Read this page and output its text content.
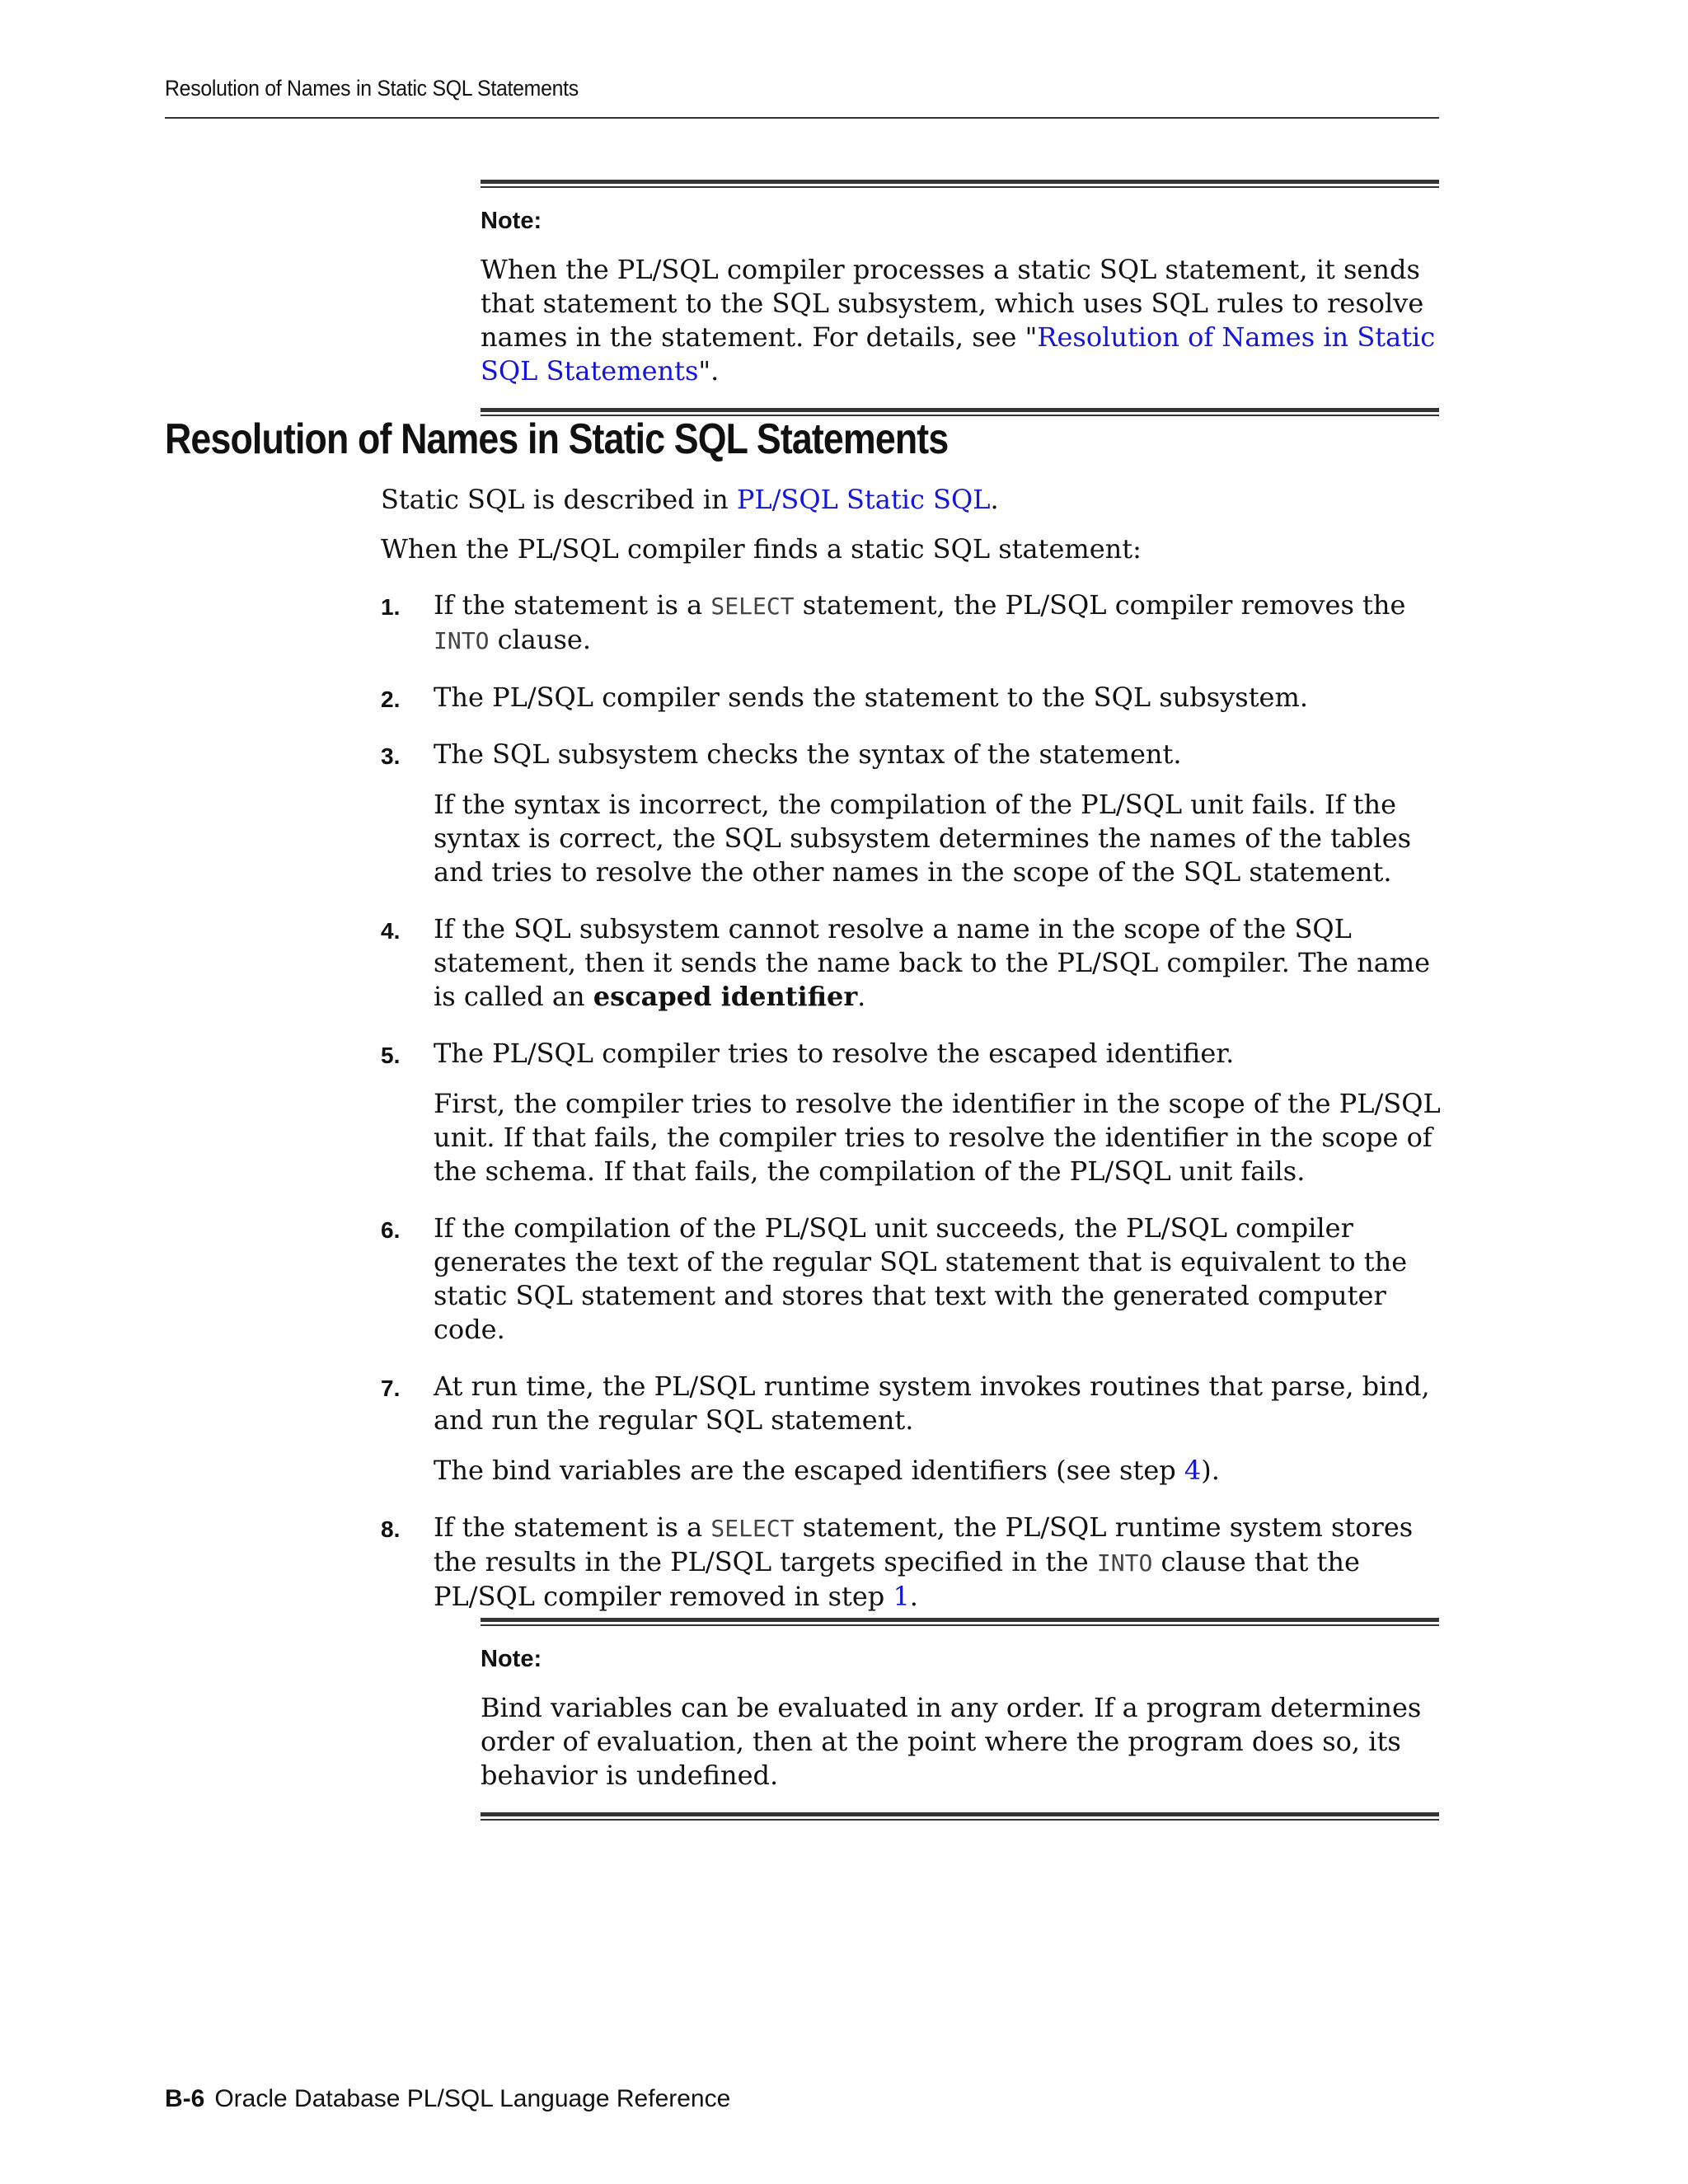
Resolution of Names in Static SQL Statements
Note:

When the PL/SQL compiler processes a static SQL statement, it sends that statement to the SQL subsystem, which uses SQL rules to resolve names in the statement. For details, see "Resolution of Names in Static SQL Statements".

Resolution of Names in Static SQL Statements

Static SQL is described in PL/SQL Static SQL.

When the PL/SQL compiler finds a static SQL statement:

1. If the statement is a SELECT statement, the PL/SQL compiler removes the INTO clause.

2. The PL/SQL compiler sends the statement to the SQL subsystem.

3. The SQL subsystem checks the syntax of the statement.

If the syntax is incorrect, the compilation of the PL/SQL unit fails. If the syntax is correct, the SQL subsystem determines the names of the tables and tries to resolve the other names in the scope of the SQL statement.

4. If the SQL subsystem cannot resolve a name in the scope of the SQL statement, then it sends the name back to the PL/SQL compiler. The name is called an escaped identifier.

5. The PL/SQL compiler tries to resolve the escaped identifier.

First, the compiler tries to resolve the identifier in the scope of the PL/SQL unit. If that fails, the compiler tries to resolve the identifier in the scope of the schema. If that fails, the compilation of the PL/SQL unit fails.

6. If the compilation of the PL/SQL unit succeeds, the PL/SQL compiler generates the text of the regular SQL statement that is equivalent to the static SQL statement and stores that text with the generated computer code.

7. At run time, the PL/SQL runtime system invokes routines that parse, bind, and run the regular SQL statement.

The bind variables are the escaped identifiers (see step 4).

8. If the statement is a SELECT statement, the PL/SQL runtime system stores the results in the PL/SQL targets specified in the INTO clause that the PL/SQL compiler removed in step 1.

Note:

Bind variables can be evaluated in any order. If a program determines order of evaluation, then at the point where the program does so, its behavior is undefined.

B-6 Oracle Database PL/SQL Language Reference
